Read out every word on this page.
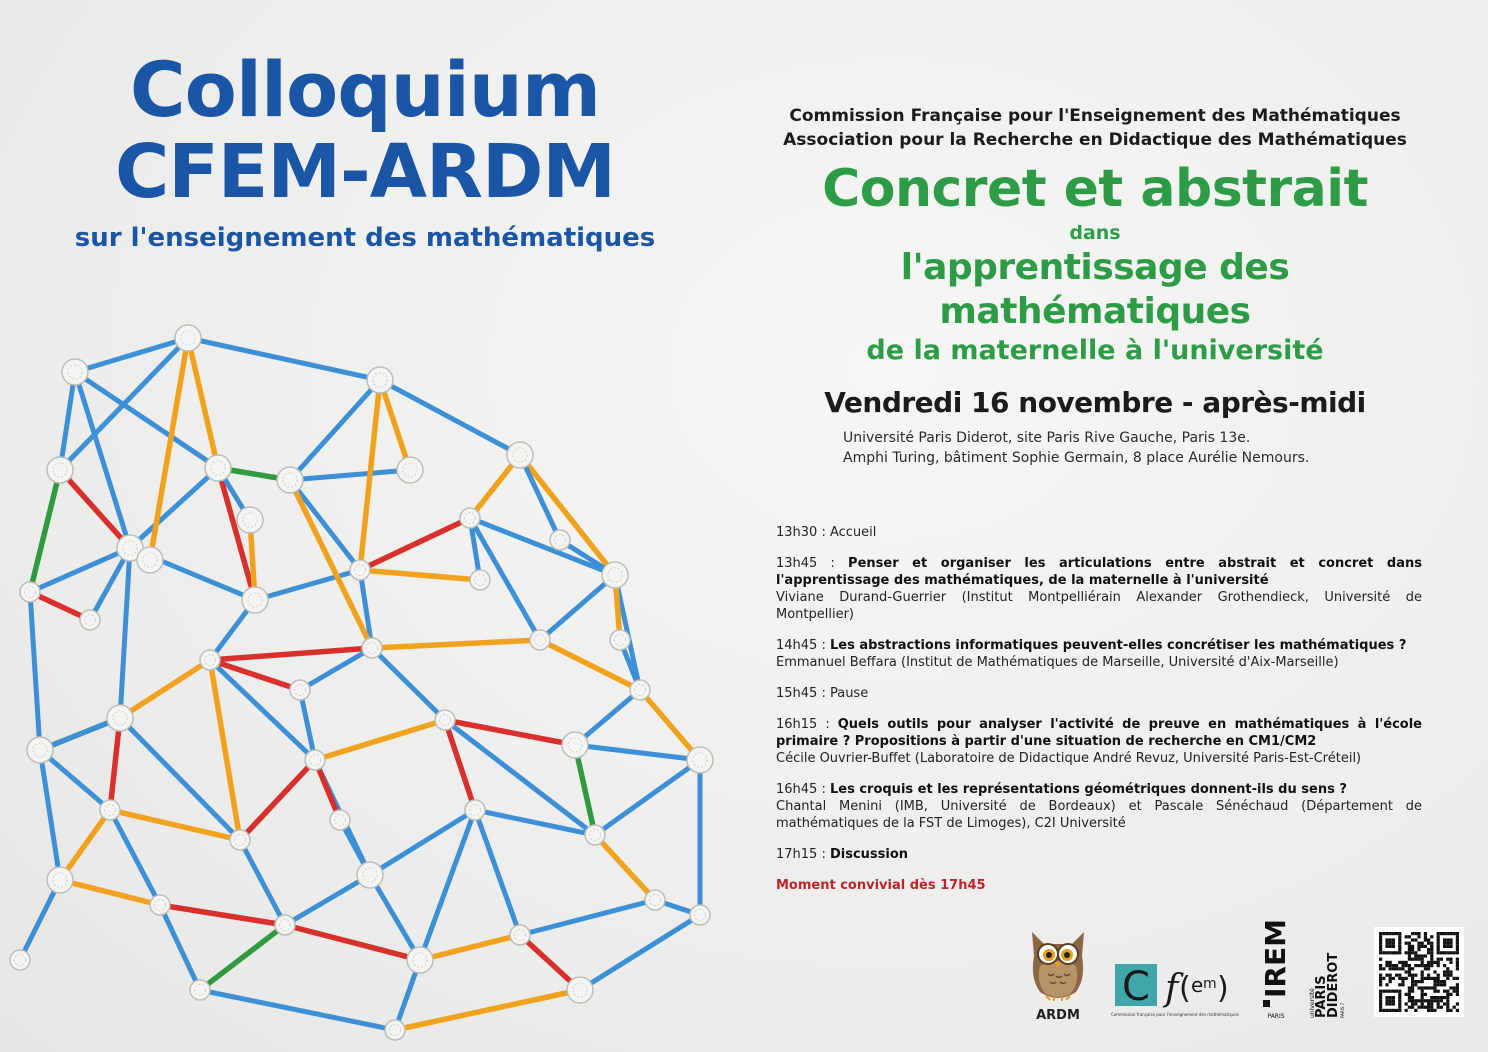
Colloquium
CFEM-ARDM
sur l'enseignement des mathématiques
Commission Française pour l'Enseignement des Mathématiques
Association pour la Recherche en Didactique des Mathématiques
Concret et abstrait
dans
l'apprentissage des mathématiques
de la maternelle à l'université
Vendredi 16 novembre - après-midi
Université Paris Diderot, site Paris Rive Gauche, Paris 13e.
Amphi Turing, bâtiment Sophie Germain, 8 place Aurélie Nemours.
13h30 : Accueil
13h45 : Penser et organiser les articulations entre abstrait et concret dans l'apprentissage des mathématiques, de la maternelle à l'université
Viviane Durand-Guerrier (Institut Montpelliérain Alexander Grothendieck, Université de Montpellier)
14h45 : Les abstractions informatiques peuvent-elles concrétiser les mathématiques ?
Emmanuel Beffara (Institut de Mathématiques de Marseille, Université d'Aix-Marseille)
15h45 : Pause
16h15 : Quels outils pour analyser l'activité de preuve en mathématiques à l'école primaire ? Propositions à partir d'une situation de recherche en CM1/CM2
Cécile Ouvrier-Buffet (Laboratoire de Didactique André Revuz, Université Paris-Est-Créteil)
16h45 : Les croquis et les représentations géométriques donnent-ils du sens ?
Chantal Menini (IMB, Université de Bordeaux) et Pascale Sénéchaud (Département de mathématiques de la FST de Limoges), C2I Université
17h15 : Discussion
Moment convivial dès 17h45
ARDM
C f ( e m )
Commission française pour l'enseignement des mathématiques
IREM
PARIS	université
PARIS
DIDEROT PARIS 7
